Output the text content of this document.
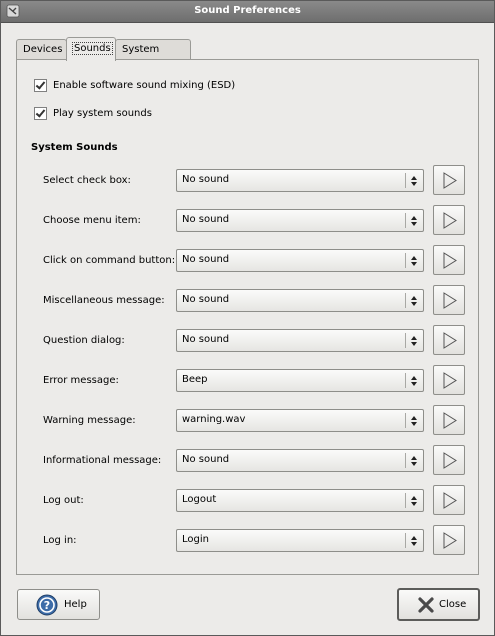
Sound Preferences
Devices	Sounds	System
Enable software sound mixing (ESD)
Play system sounds
System Sounds
Select check box:	No sound
Choose menu item:	No sound
Click on command button: No sound
Miscellaneous message: No sound
Question dialog:	No sound
Error message:	Beep
Warning message:	warning.wav
Informational message: No sound
Log out:	Logout
Log in:	Login
? Help	Close
